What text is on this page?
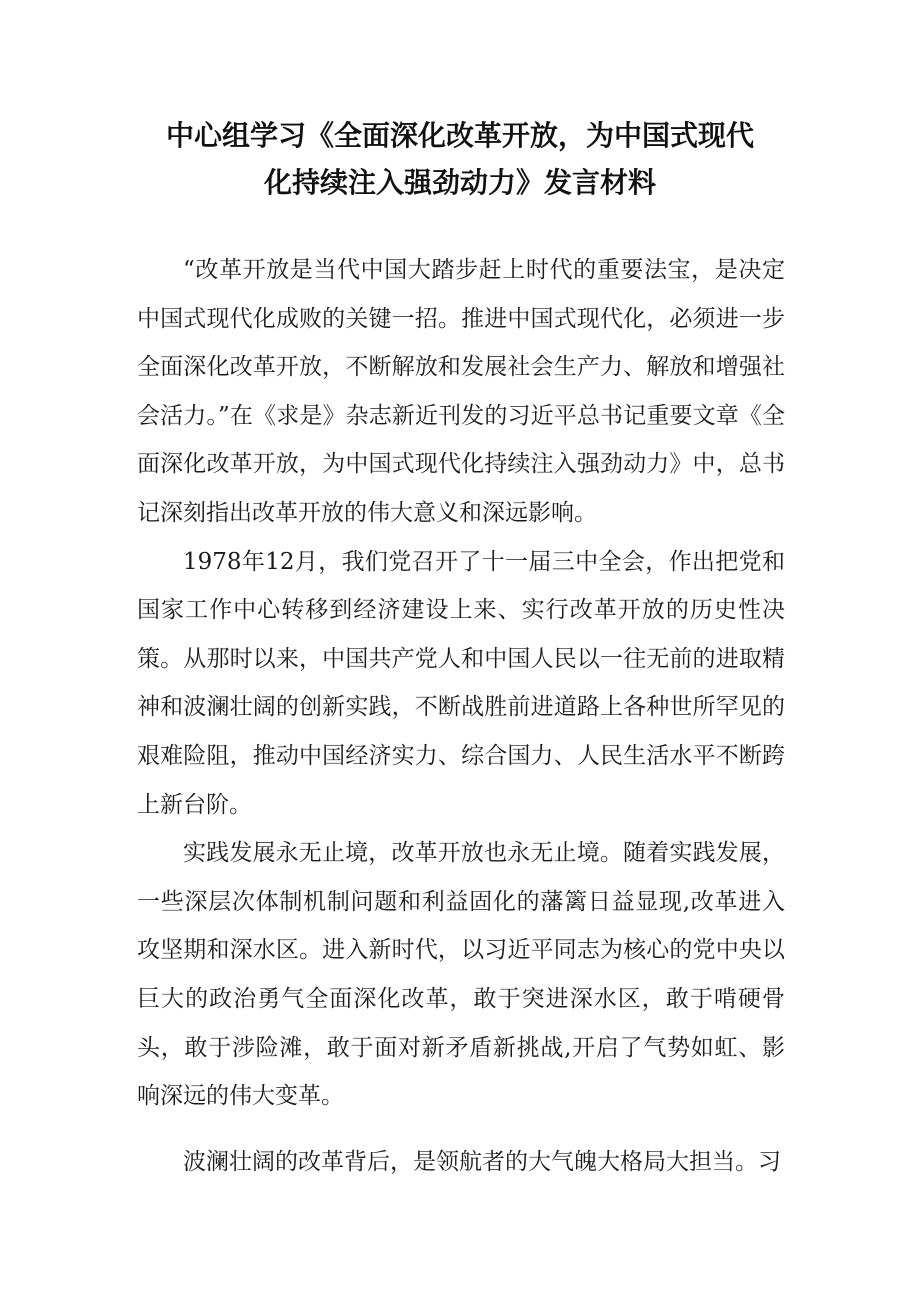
中心组学习《全面深化改革开放，为中国式现代
化持续注入强劲动力》发言材料

“改革开放是当代中国大踏步赶上时代的重要法宝，是决定中国式现代化成败的关键一招。推进中国式现代化，必须进一步全面深化改革开放，不断解放和发展社会生产力、解放和增强社会活力。”在《求是》杂志新近刊发的习近平总书记重要文章《全面深化改革开放，为中国式现代化持续注入强劲动力》中，总书记深刻指出改革开放的伟大意义和深远影响。

1978年12月，我们党召开了十一届三中全会，作出把党和国家工作中心转移到经济建设上来、实行改革开放的历史性决策。从那时以来，中国共产党人和中国人民以一往无前的进取精神和波澜壮阔的创新实践，不断战胜前进道路上各种世所罕见的艰难险阻，推动中国经济实力、综合国力、人民生活水平不断跨上新台阶。

实践发展永无止境，改革开放也永无止境。随着实践发展，一些深层次体制机制问题和利益固化的藩篱日益显现,改革进入攻坚期和深水区。进入新时代，以习近平同志为核心的党中央以巨大的政治勇气全面深化改革，敢于突进深水区，敢于啃硬骨头，敢于涉险滩，敢于面对新矛盾新挑战,开启了气势如虹、影响深远的伟大变革。

波澜壮阔的改革背后，是领航者的大气魄大格局大担当。习
